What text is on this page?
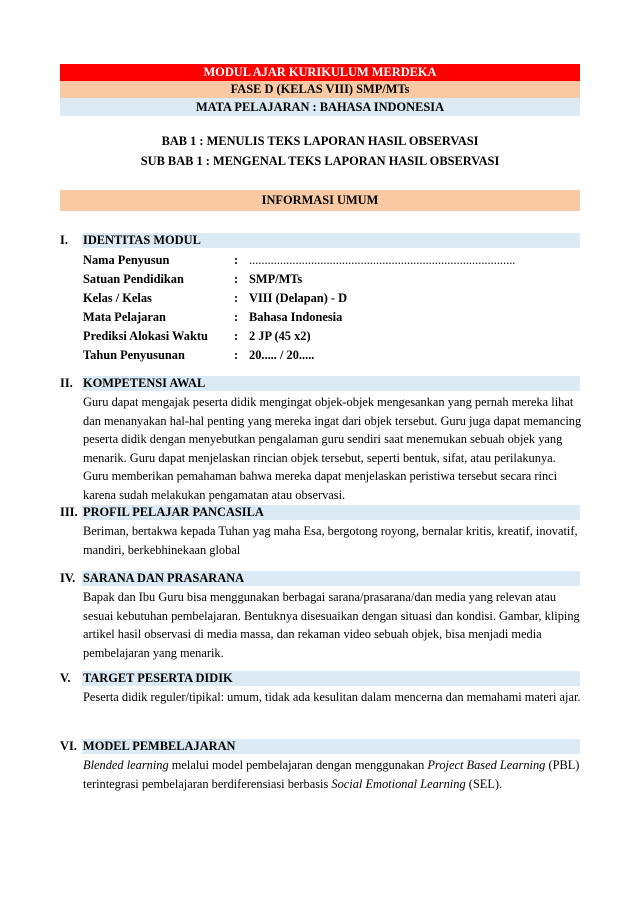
MODUL AJAR KURIKULUM MERDEKA
FASE D (KELAS VIII) SMP/MTs
MATA PELAJARAN : BAHASA INDONESIA
BAB 1 : MENULIS TEKS LAPORAN HASIL OBSERVASI
SUB BAB 1 : MENGENAL TEKS LAPORAN HASIL OBSERVASI
INFORMASI UMUM
I. IDENTITAS MODUL
Nama Penyusun	: ......................................................................................
Satuan Pendidikan	: SMP/MTs
Kelas / Kelas	: VIII (Delapan) - D
Mata Pelajaran	: Bahasa Indonesia
Prediksi Alokasi Waktu	: 2 JP (45 x2)
Tahun Penyusunan	: 20..... / 20.....
II. KOMPETENSI AWAL
Guru dapat mengajak peserta didik mengingat objek-objek mengesankan yang pernah mereka lihat dan menanyakan hal-hal penting yang mereka ingat dari objek tersebut. Guru juga dapat memancing peserta didik dengan menyebutkan pengalaman guru sendiri saat menemukan sebuah objek yang menarik. Guru dapat menjelaskan rincian objek tersebut, seperti bentuk, sifat, atau perilakunya. Guru memberikan pemahaman bahwa mereka dapat menjelaskan peristiwa tersebut secara rinci karena sudah melakukan pengamatan atau observasi.
III. PROFIL PELAJAR PANCASILA
Beriman, bertakwa kepada Tuhan yag maha Esa, bergotong royong, bernalar kritis, kreatif, inovatif, mandiri, berkebhinekaan global
IV. SARANA DAN PRASARANA
Bapak dan Ibu Guru bisa menggunakan berbagai sarana/prasarana/dan media yang relevan atau sesuai kebutuhan pembelajaran. Bentuknya disesuaikan dengan situasi dan kondisi. Gambar, kliping artikel hasil observasi di media massa, dan rekaman video sebuah objek, bisa menjadi media pembelajaran yang menarik.
V. TARGET PESERTA DIDIK
Peserta didik reguler/tipikal: umum, tidak ada kesulitan dalam mencerna dan memahami materi ajar.
VI. MODEL PEMBELAJARAN
Blended learning melalui model pembelajaran dengan menggunakan Project Based Learning (PBL) terintegrasi pembelajaran berdiferensiasi berbasis Social Emotional Learning (SEL).
